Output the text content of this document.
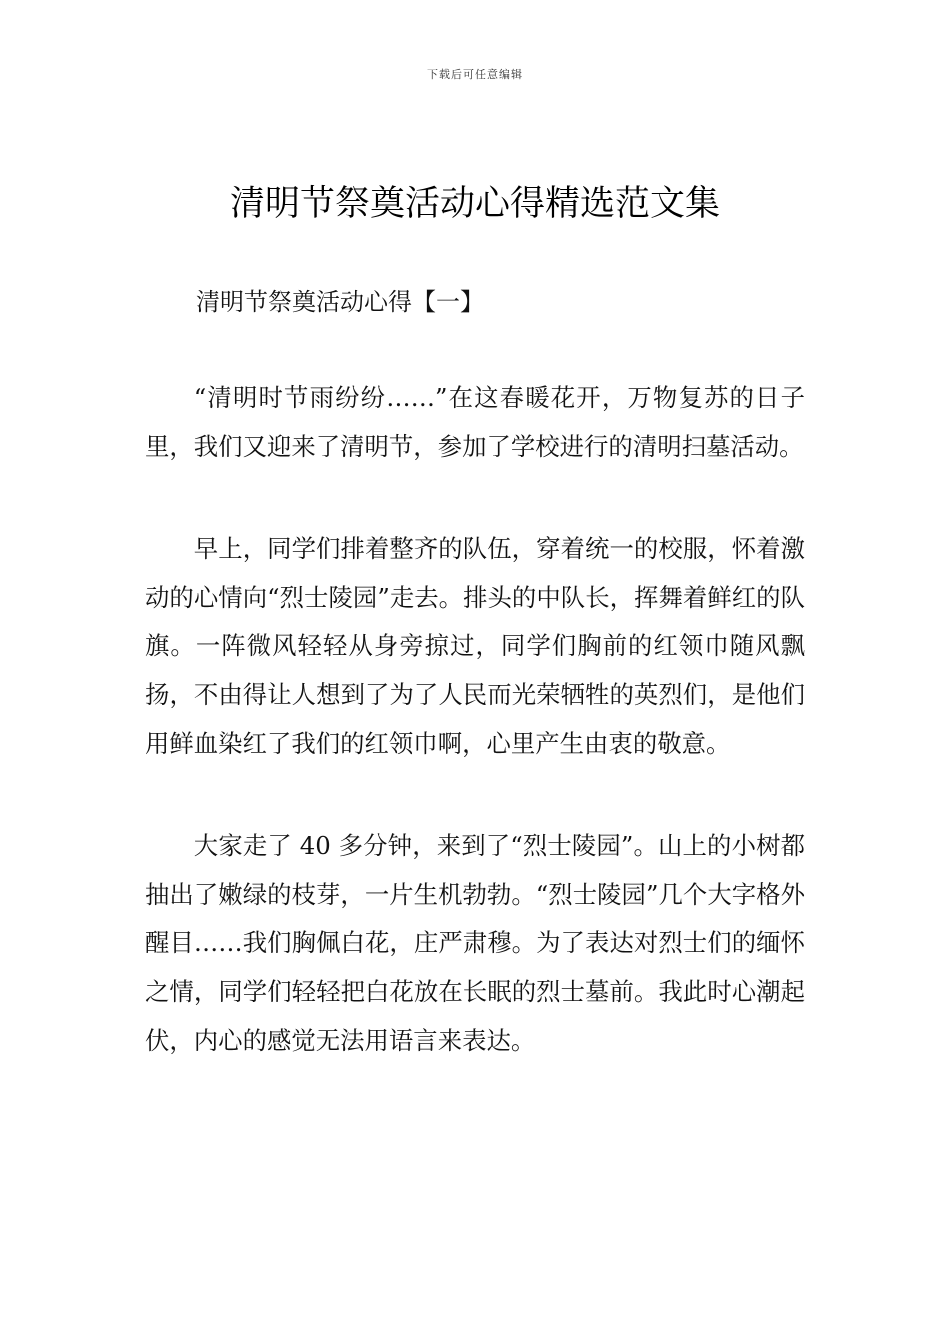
下载后可任意编辑
清明节祭奠活动心得精选范文集
清明节祭奠活动心得【一】

“清明时节雨纷纷……”在这春暖花开，万物复苏的日子里，我们又迎来了清明节，参加了学校进行的清明扫墓活动。

早上，同学们排着整齐的队伍，穿着统一的校服，怀着激动的心情向“烈士陵园”走去。排头的中队长，挥舞着鲜红的队旗。一阵微风轻轻从身旁掠过，同学们胸前的红领巾随风飘扬，不由得让人想到了为了人民而光荣牺牲的英烈们，是他们用鲜血染红了我们的红领巾啊，心里产生由衷的敬意。

大家走了 40 多分钟，来到了“烈士陵园”。山上的小树都抽出了嫩绿的枝芽，一片生机勃勃。“烈士陵园”几个大字格外醒目……我们胸佩白花，庄严肃穆。为了表达对烈士们的缅怀之情，同学们轻轻把白花放在长眠的烈士墓前。我此时心潮起伏，内心的感觉无法用语言来表达。
